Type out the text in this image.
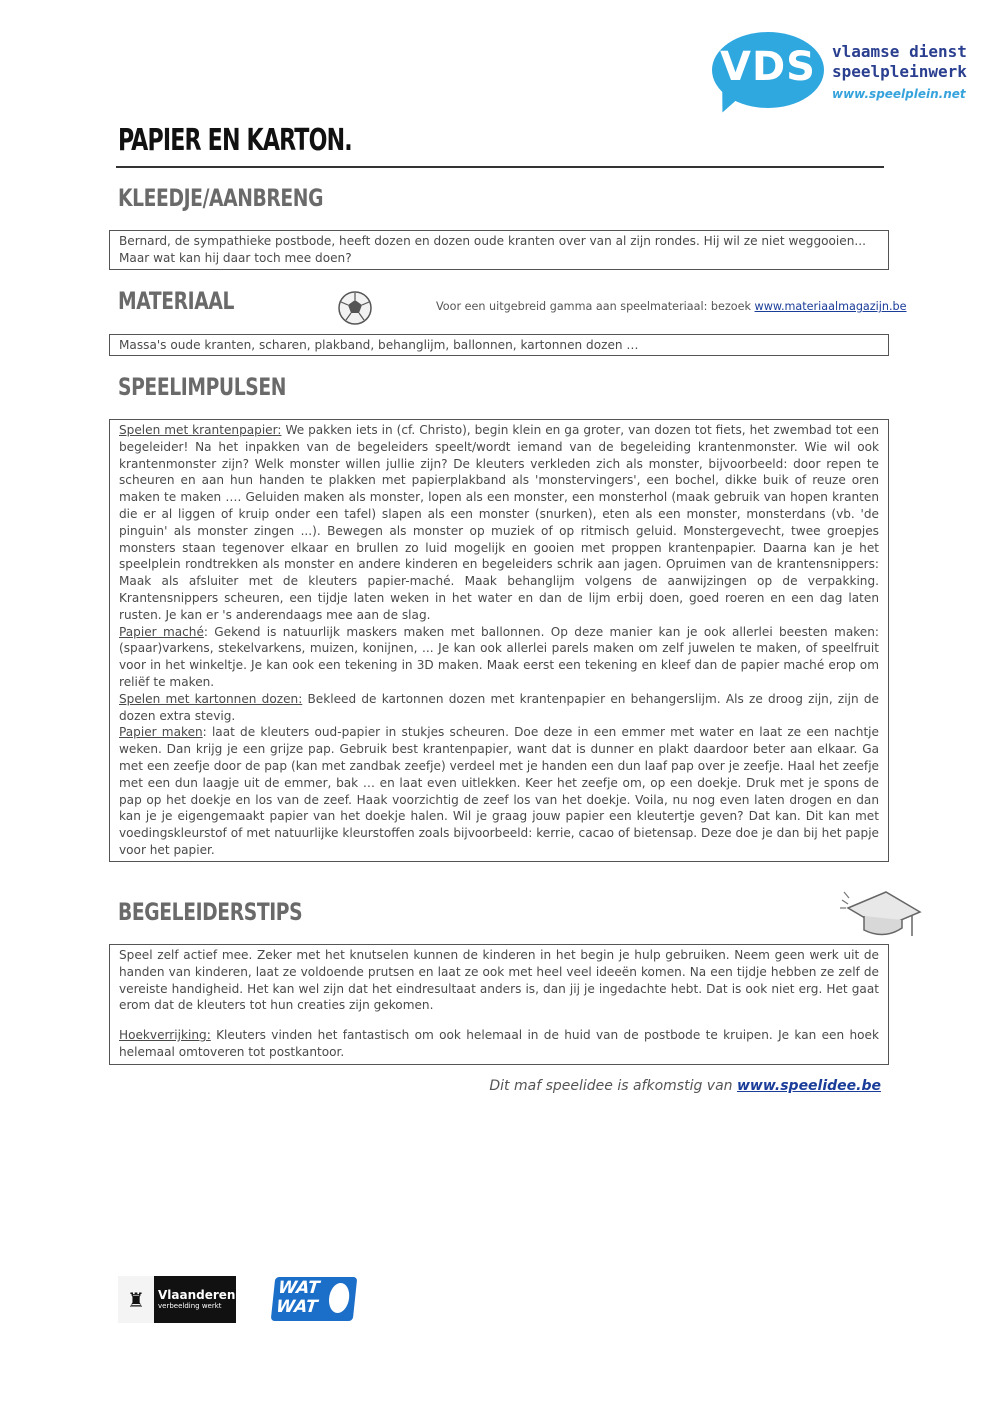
VDS	vlaamse dienst
speelpleinwerk
www.speelplein.net
PAPIER EN KARTON.
KLEEDJE/AANBRENG

Bernard, de sympathieke postbode, heeft dozen en dozen oude kranten over van al zijn rondes. Hij wil ze niet weggooien...

Maar wat kan hij daar toch mee doen?

MATERIAAL	Voor een uitgebreid gamma aan speelmateriaal: bezoek www.materiaalmagazijn.be

Massa's oude kranten, scharen, plakband, behanglijm, ballonnen, kartonnen dozen …

SPEELIMPULSEN

Spelen met krantenpapier: We pakken iets in (cf. Christo), begin klein en ga groter, van dozen tot fiets, het zwembad tot een begeleider! Na het inpakken van de begeleiders speelt/wordt iemand van de begeleiding krantenmonster. Wie wil ook krantenmonster zijn? Welk monster willen jullie zijn? De kleuters verkleden zich als monster, bijvoorbeeld: door repen te scheuren en aan hun handen te plakken met papierplakband als 'monstervingers', een bochel, dikke buik of reuze oren maken te maken …. Geluiden maken als monster, lopen als een monster, een monsterhol (maak gebruik van hopen kranten die er al liggen of kruip onder een tafel) slapen als een monster (snurken), eten als een monster, monsterdans (vb. 'de pinguin' als monster zingen ...). Bewegen als monster op muziek of op ritmisch geluid. Monstergevecht, twee groepjes monsters staan tegenover elkaar en brullen zo luid mogelijk en gooien met proppen krantenpapier. Daarna kan je het speelplein rondtrekken als monster en andere kinderen en begeleiders schrik aan jagen. Opruimen van de krantensnippers: Maak als afsluiter met de kleuters papier-maché. Maak behanglijm volgens de aanwijzingen op de verpakking. Krantensnippers scheuren, een tijdje laten weken in het water en dan de lijm erbij doen, goed roeren en een dag laten rusten. Je kan er 's anderendaags mee aan de slag.

Papier maché: Gekend is natuurlijk maskers maken met ballonnen. Op deze manier kan je ook allerlei beesten maken: (spaar)varkens, stekelvarkens, muizen, konijnen, ... Je kan ook allerlei parels maken om zelf juwelen te maken, of speelfruit voor in het winkeltje. Je kan ook een tekening in 3D maken. Maak eerst een tekening en kleef dan de papier maché erop om reliëf te maken.

Spelen met kartonnen dozen: Bekleed de kartonnen dozen met krantenpapier en behangerslijm. Als ze droog zijn, zijn de dozen extra stevig.

Papier maken: laat de kleuters oud-papier in stukjes scheuren. Doe deze in een emmer met water en laat ze een nachtje weken. Dan krijg je een grijze pap. Gebruik best krantenpapier, want dat is dunner en plakt daardoor beter aan elkaar. Ga met een zeefje door de pap (kan met zandbak zeefje) verdeel met je handen een dun laaf pap over je zeefje. Haal het zeefje met een dun laagje uit de emmer, bak … en laat even uitlekken. Keer het zeefje om, op een doekje. Druk met je spons de pap op het doekje en los van de zeef. Haak voorzichtig de zeef los van het doekje. Voila, nu nog even laten drogen en dan kan je je eigengemaakt papier van het doekje halen. Wil je graag jouw papier een kleutertje geven? Dat kan. Dit kan met voedingskleurstof of met natuurlijke kleurstoffen zoals bijvoorbeeld: kerrie, cacao of bietensap. Deze doe je dan bij het papje voor het papier.

BEGELEIDERSTIPS

Speel zelf actief mee. Zeker met het knutselen kunnen de kinderen in het begin je hulp gebruiken. Neem geen werk uit de handen van kinderen, laat ze voldoende prutsen en laat ze ook met heel veel ideeën komen. Na een tijdje hebben ze zelf de vereiste handigheid. Het kan wel zijn dat het eindresultaat anders is, dan jij je ingedachte hebt. Dat is ook niet erg. Het gaat erom dat de kleuters tot hun creaties zijn gekomen.

Hoekverrijking: Kleuters vinden het fantastisch om ook helemaal in de huid van de postbode te kruipen. Je kan een hoek helemaal omtoveren tot postkantoor.

Dit maf speelidee is afkomstig van www.speelidee.be
♜	Vlaanderen
verbeelding werkt
WAT
WAT
